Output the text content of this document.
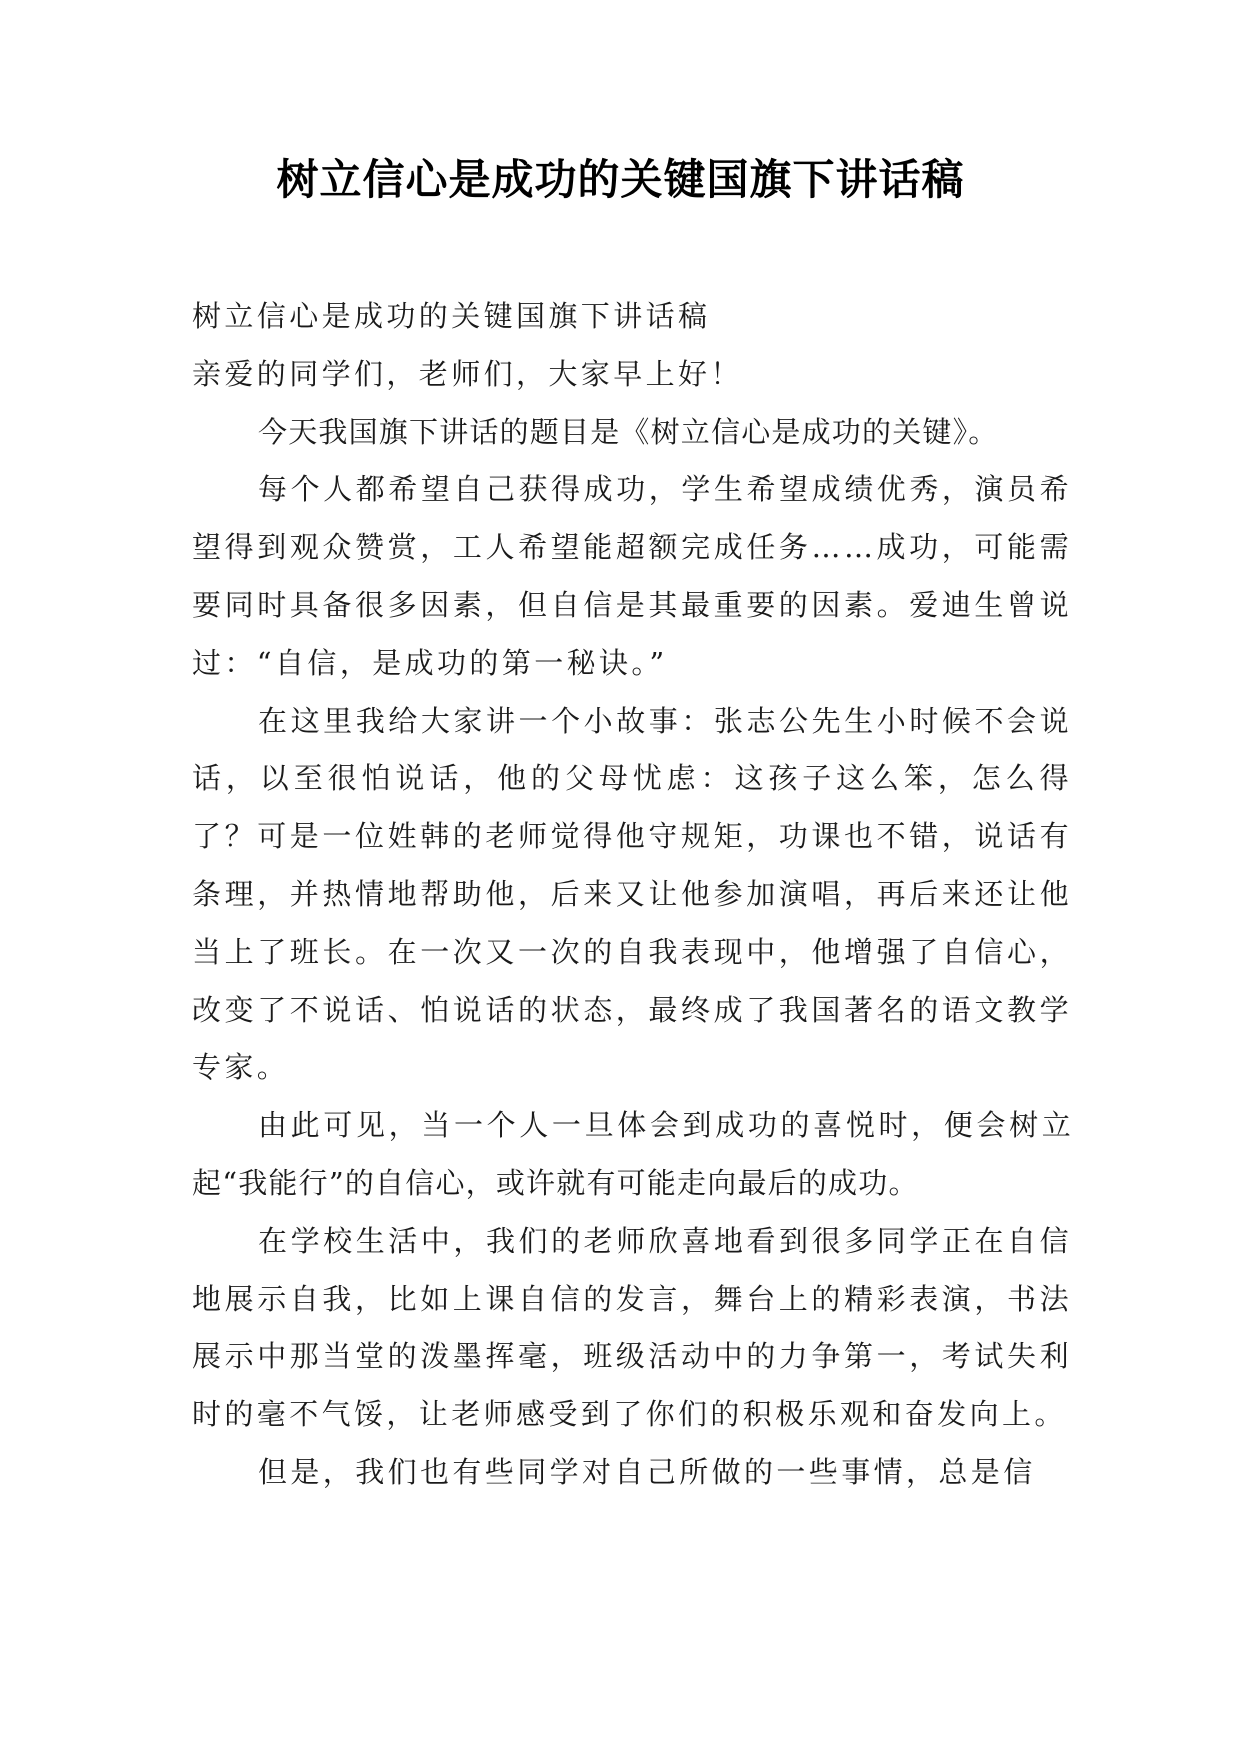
树立信心是成功的关键国旗下讲话稿

树立信心是成功的关键国旗下讲话稿

亲爱的同学们，老师们，大家早上好！

今天我国旗下讲话的题目是《树立信心是成功的关键》。

每个人都希望自己获得成功，学生希望成绩优秀，演员希望得到观众赞赏，工人希望能超额完成任务……成功，可能需要同时具备很多因素，但自信是其最重要的因素。爱迪生曾说过：“自信，是成功的第一秘诀。”

在这里我给大家讲一个小故事：张志公先生小时候不会说话，以至很怕说话，他的父母忧虑：这孩子这么笨，怎么得了？可是一位姓韩的老师觉得他守规矩，功课也不错，说话有条理，并热情地帮助他，后来又让他参加演唱，再后来还让他当上了班长。在一次又一次的自我表现中，他增强了自信心，改变了不说话、怕说话的状态，最终成了我国著名的语文教学专家。

由此可见，当一个人一旦体会到成功的喜悦时，便会树立起“我能行”的自信心，或许就有可能走向最后的成功。

在学校生活中，我们的老师欣喜地看到很多同学正在自信地展示自我，比如上课自信的发言，舞台上的精彩表演，书法展示中那当堂的泼墨挥毫，班级活动中的力争第一，考试失利时的毫不气馁，让老师感受到了你们的积极乐观和奋发向上。

但是，我们也有些同学对自己所做的一些事情，总是信
